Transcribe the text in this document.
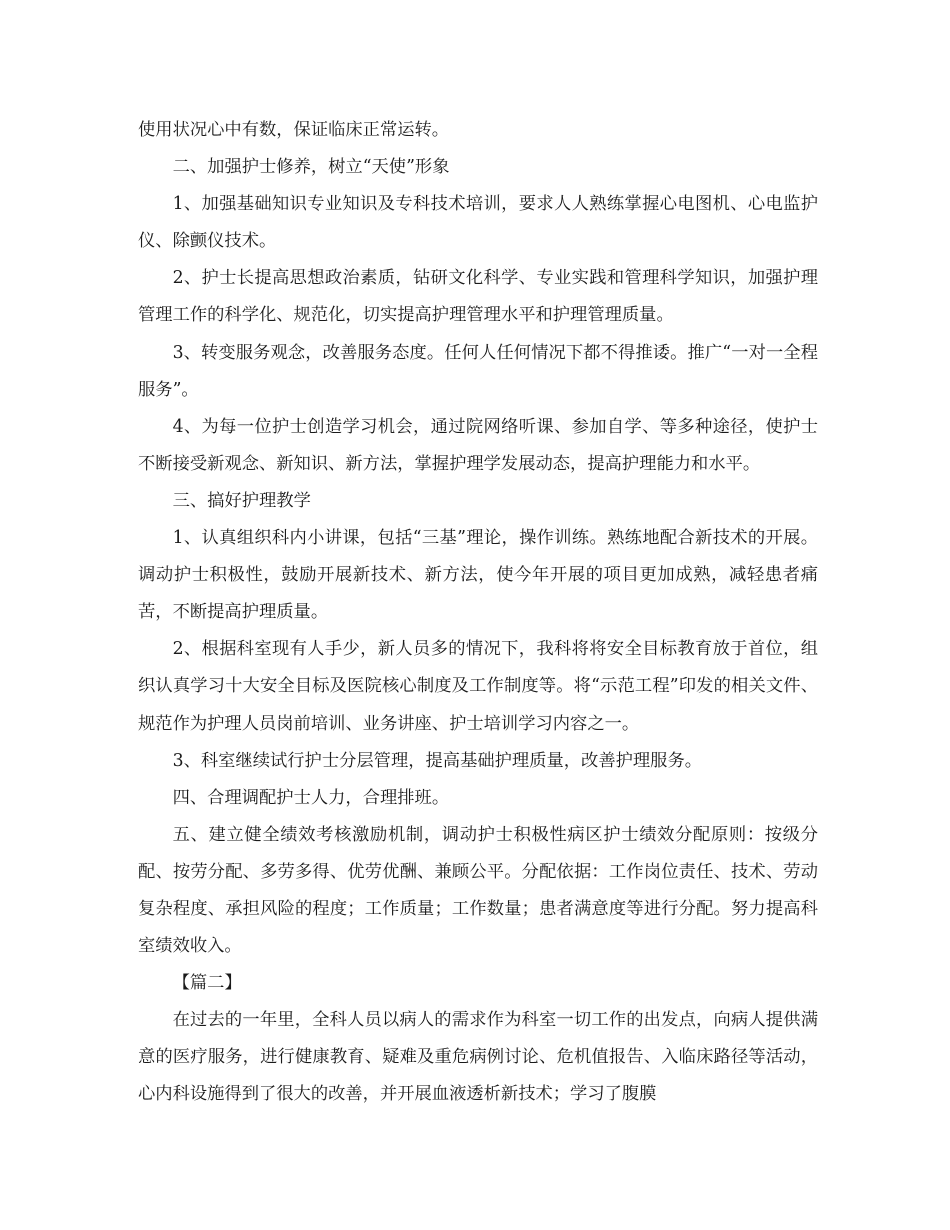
使用状况心中有数，保证临床正常运转。

二、加强护士修养，树立“天使”形象

1、加强基础知识专业知识及专科技术培训，要求人人熟练掌握心电图机、心电监护仪、除颤仪技术。

2、护士长提高思想政治素质，钻研文化科学、专业实践和管理科学知识，加强护理管理工作的科学化、规范化，切实提高护理管理水平和护理管理质量。

3、转变服务观念，改善服务态度。任何人任何情况下都不得推诿。推广“一对一全程服务”。

4、为每一位护士创造学习机会，通过院网络听课、参加自学、等多种途径，使护士不断接受新观念、新知识、新方法，掌握护理学发展动态，提高护理能力和水平。

三、搞好护理教学

1、认真组织科内小讲课，包括“三基”理论，操作训练。熟练地配合新技术的开展。调动护士积极性，鼓励开展新技术、新方法，使今年开展的项目更加成熟，减轻患者痛苦，不断提高护理质量。

2、根据科室现有人手少，新人员多的情况下，我科将将安全目标教育放于首位，组织认真学习十大安全目标及医院核心制度及工作制度等。将“示范工程”印发的相关文件、规范作为护理人员岗前培训、业务讲座、护士培训学习内容之一。

3、科室继续试行护士分层管理，提高基础护理质量，改善护理服务。

四、合理调配护士人力，合理排班。

五、建立健全绩效考核激励机制，调动护士积极性病区护士绩效分配原则：按级分配、按劳分配、多劳多得、优劳优酬、兼顾公平。分配依据：工作岗位责任、技术、劳动复杂程度、承担风险的程度；工作质量；工作数量；患者满意度等进行分配。努力提高科室绩效收入。

【篇二】

在过去的一年里，全科人员以病人的需求作为科室一切工作的出发点，向病人提供满意的医疗服务，进行健康教育、疑难及重危病例讨论、危机值报告、入临床路径等活动，心内科设施得到了很大的改善，并开展血液透析新技术；学习了腹膜
